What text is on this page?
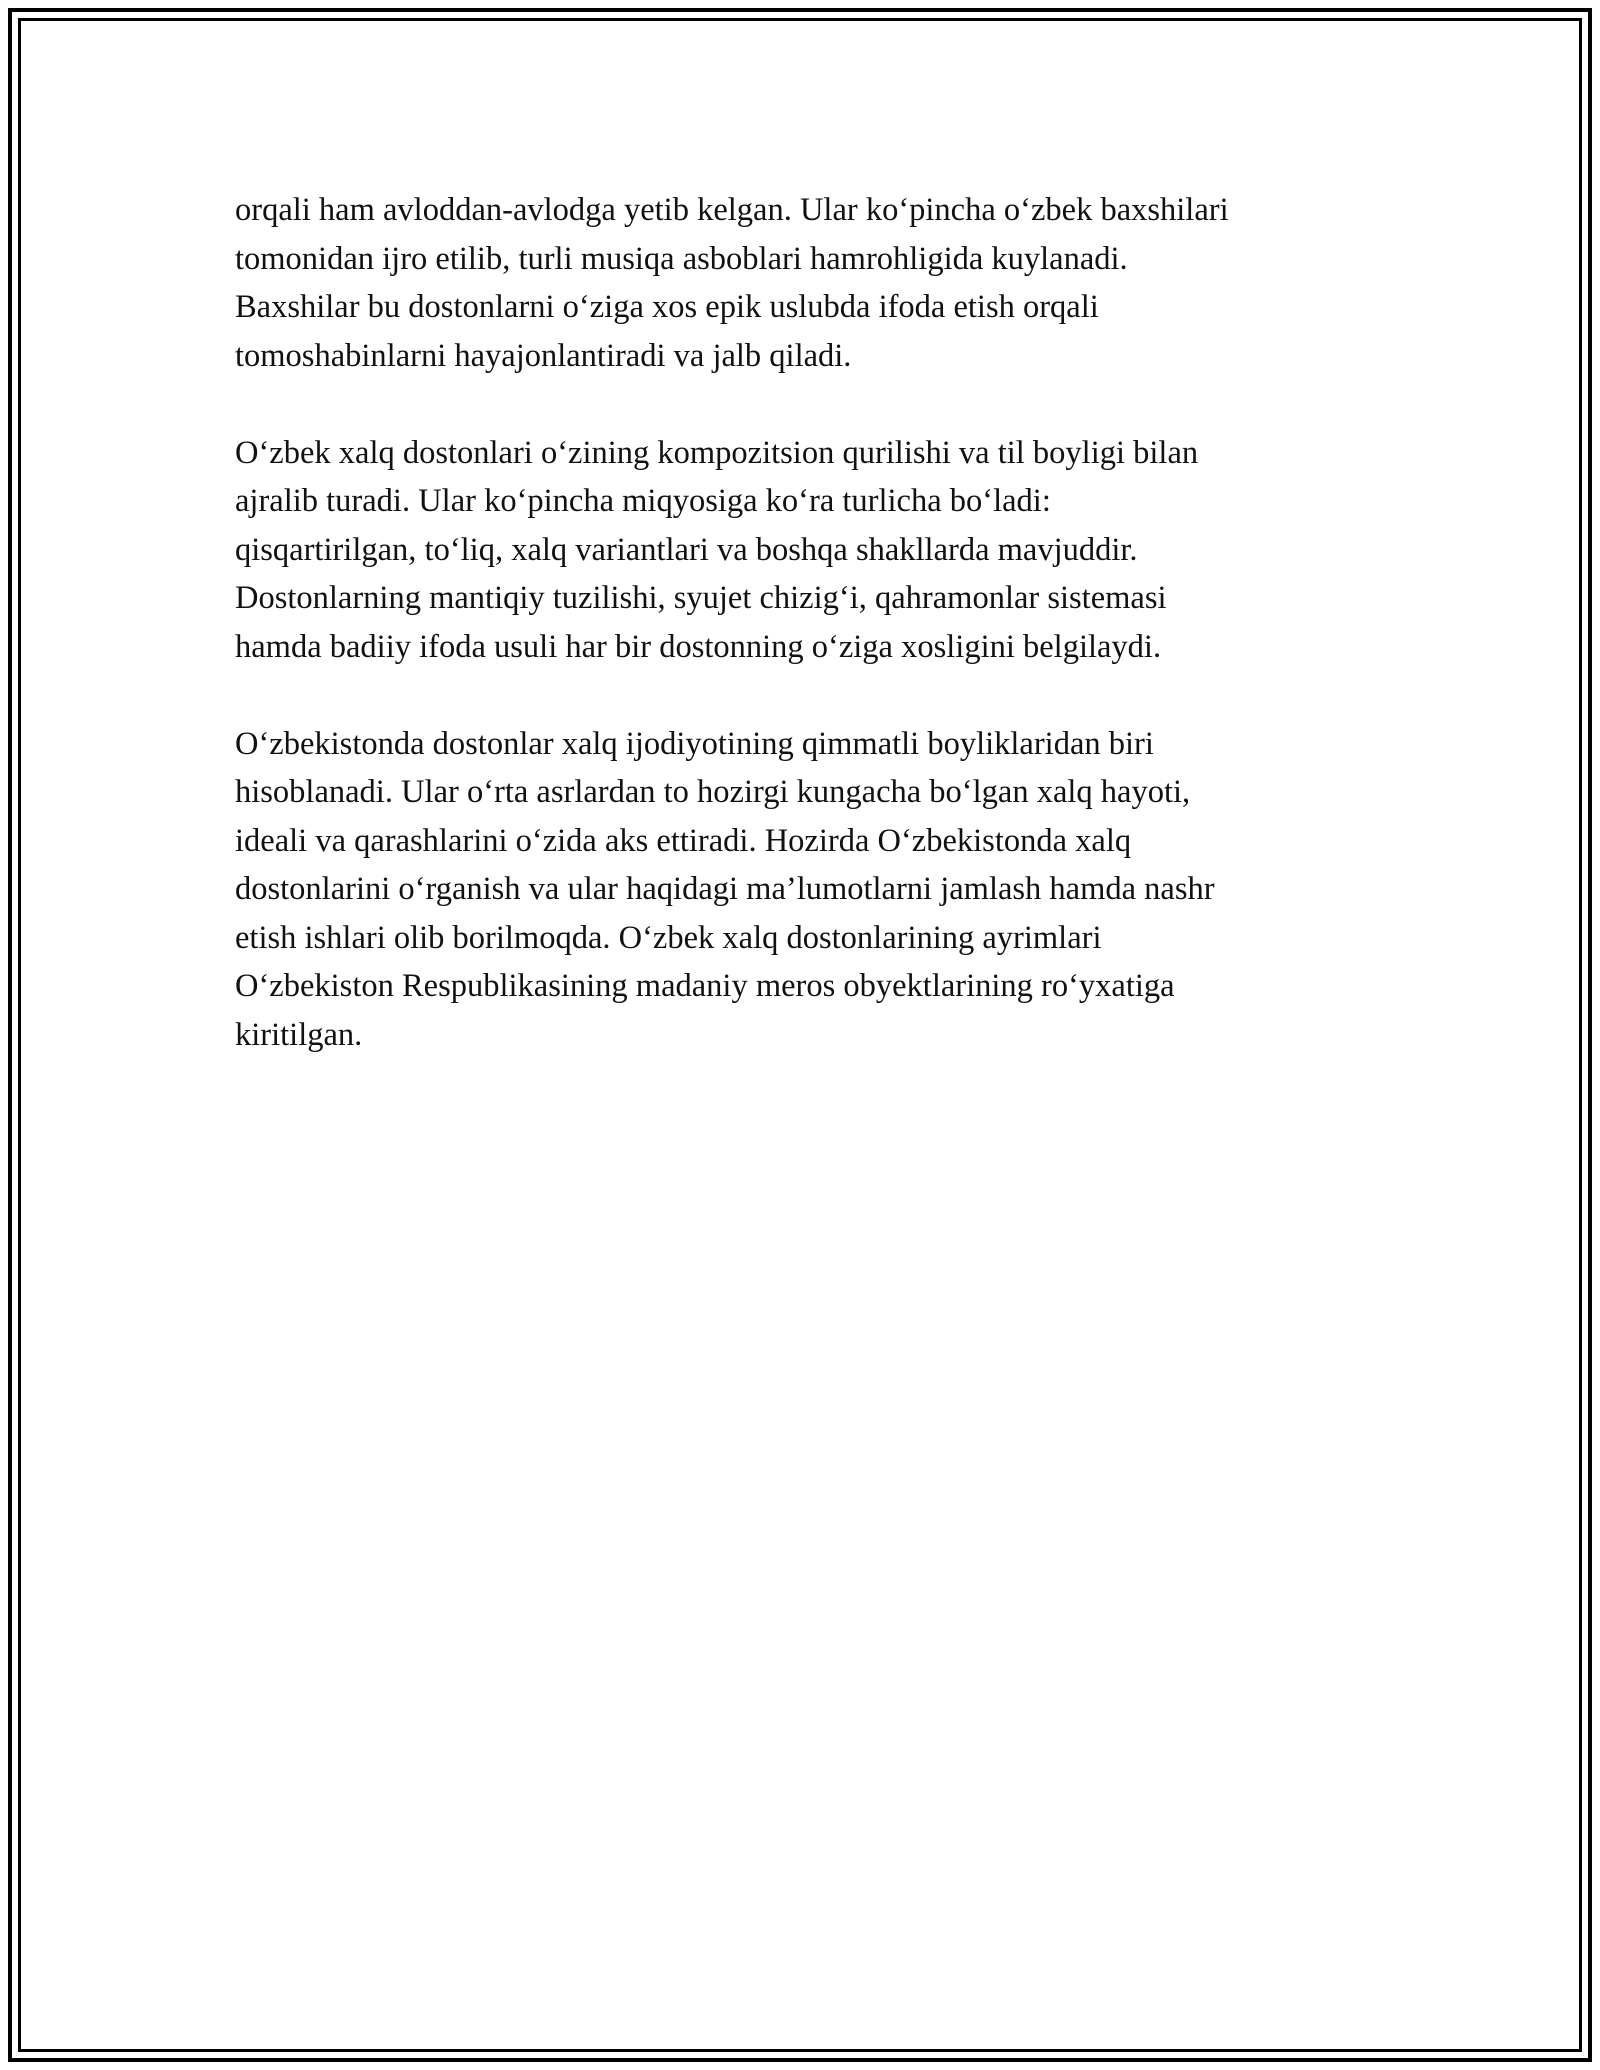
orqali ham avloddan-avlodga yetib kelgan. Ular ko‘pincha o‘zbek baxshilari
tomonidan ijro etilib, turli musiqa asboblari hamrohligida kuylanadi.
Baxshilar bu dostonlarni o‘ziga xos epik uslubda ifoda etish orqali
tomoshabinlarni hayajonlantiradi va jalb qiladi.

O‘zbek xalq dostonlari o‘zining kompozitsion qurilishi va til boyligi bilan
ajralib turadi. Ular ko‘pincha miqyosiga ko‘ra turlicha bo‘ladi:
qisqartirilgan, to‘liq, xalq variantlari va boshqa shakllarda mavjuddir.
Dostonlarning mantiqiy tuzilishi, syujet chizig‘i, qahramonlar sistemasi
hamda badiiy ifoda usuli har bir dostonning o‘ziga xosligini belgilaydi.

O‘zbekistonda dostonlar xalq ijodiyotining qimmatli boyliklaridan biri
hisoblanadi. Ular o‘rta asrlardan to hozirgi kungacha bo‘lgan xalq hayoti,
ideali va qarashlarini o‘zida aks ettiradi. Hozirda O‘zbekistonda xalq
dostonlarini o‘rganish va ular haqidagi ma’lumotlarni jamlash hamda nashr
etish ishlari olib borilmoqda. O‘zbek xalq dostonlarining ayrimlari
O‘zbekiston Respublikasining madaniy meros obyektlarining ro‘yxatiga
kiritilgan.
